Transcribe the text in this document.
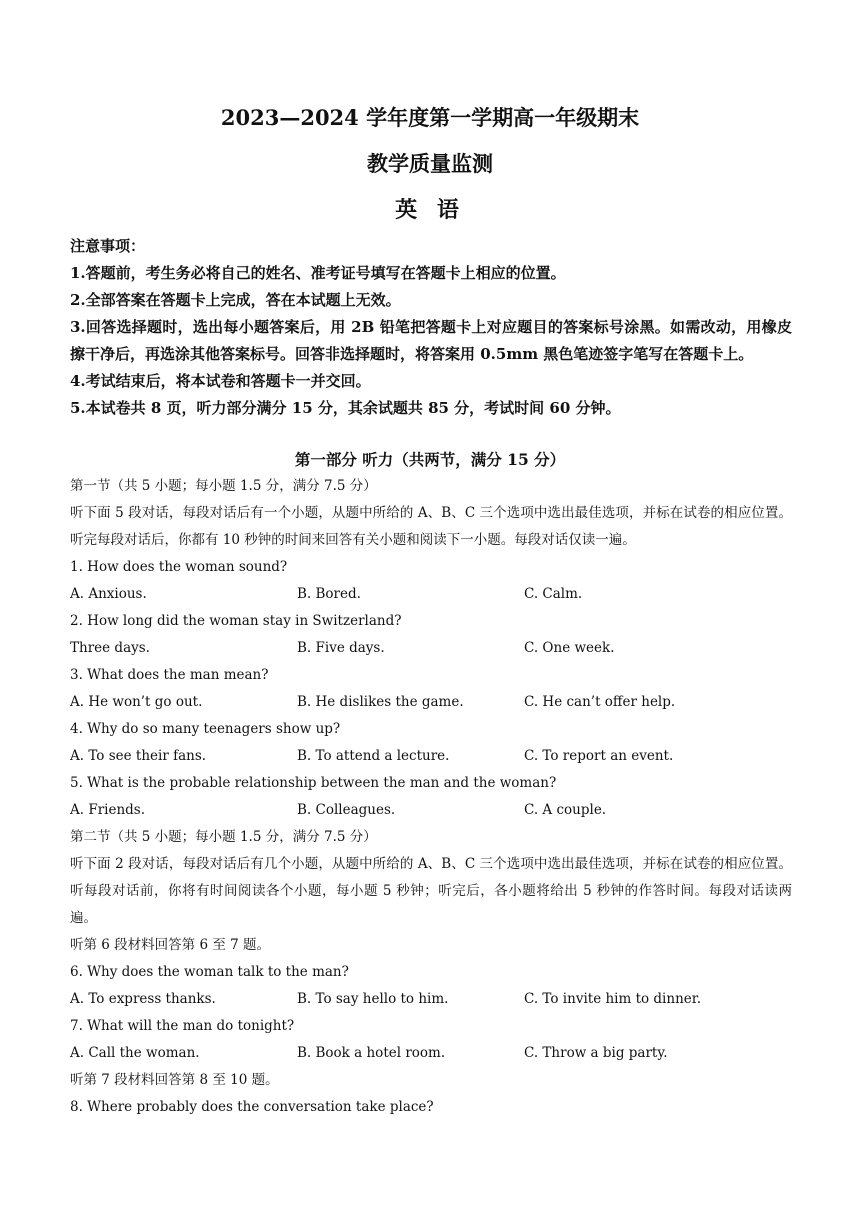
2023—2024 学年度第一学期高一年级期末
教学质量监测
英 语
注意事项：
1.答题前，考生务必将自己的姓名、准考证号填写在答题卡上相应的位置。
2.全部答案在答题卡上完成，答在本试题上无效。
3.回答选择题时，选出每小题答案后，用 2B 铅笔把答题卡上对应题目的答案标号涂黑。如需改动，用橡皮擦干净后，再选涂其他答案标号。回答非选择题时，将答案用 0.5mm 黑色笔迹签字笔写在答题卡上。
4.考试结束后，将本试卷和答题卡一并交回。
5.本试卷共 8 页，听力部分满分 15 分，其余试题共 85 分，考试时间 60 分钟。
第一部分 听力（共两节，满分 15 分）
第一节（共 5 小题；每小题 1.5 分，满分 7.5 分）
听下面 5 段对话，每段对话后有一个小题，从题中所给的 A、B、C 三个选项中选出最佳选项，并标在试卷的相应位置。听完每段对话后，你都有 10 秒钟的时间来回答有关小题和阅读下一小题。每段对话仅读一遍。
1. How does the woman sound?
A. Anxious.	B. Bored.	C. Calm.
2. How long did the woman stay in Switzerland?
Three days.	B. Five days.	C. One week.
3. What does the man mean?
A. He won’t go out.	B. He dislikes the game.	C. He can’t offer help.
4. Why do so many teenagers show up?
A. To see their fans.	B. To attend a lecture.	C. To report an event.
5. What is the probable relationship between the man and the woman?
A. Friends.	B. Colleagues.	C. A couple.
第二节（共 5 小题；每小题 1.5 分，满分 7.5 分）
听下面 2 段对话，每段对话后有几个小题，从题中所给的 A、B、C 三个选项中选出最佳选项，并标在试卷的相应位置。听每段对话前，你将有时间阅读各个小题，每小题 5 秒钟；听完后，各小题将给出 5 秒钟的作答时间。每段对话读两遍。
听第 6 段材料回答第 6 至 7 题。
6. Why does the woman talk to the man?
A. To express thanks.	B. To say hello to him.	C. To invite him to dinner.
7. What will the man do tonight?
A. Call the woman.	B. Book a hotel room.	C. Throw a big party.
听第 7 段材料回答第 8 至 10 题。
8. Where probably does the conversation take place?
